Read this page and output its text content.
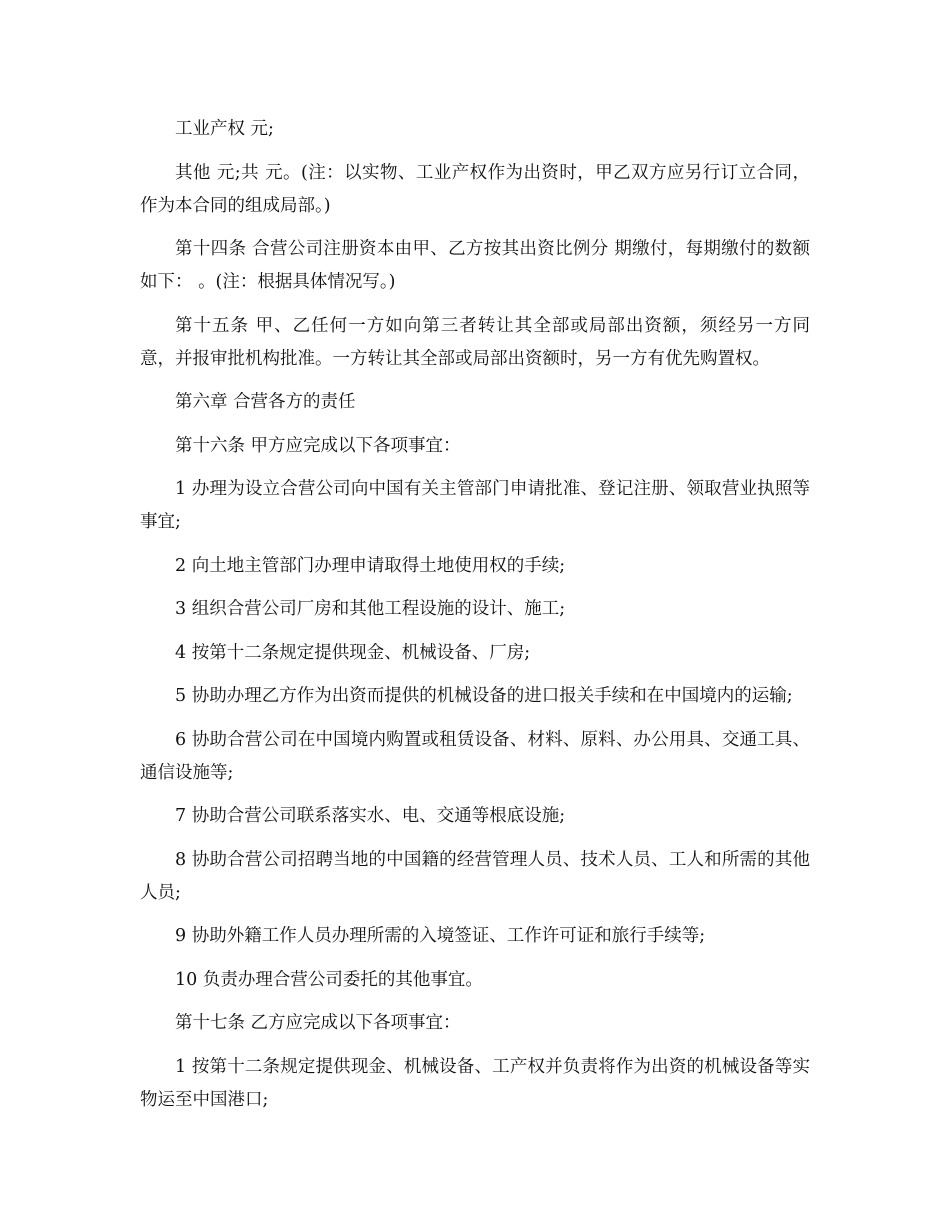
工业产权 元;

其他 元;共 元。(注：以实物、工业产权作为出资时，甲乙双方应另行订立合同，作为本合同的组成局部。)

第十四条 合营公司注册资本由甲、乙方按其出资比例分 期缴付，每期缴付的数额如下： 。(注：根据具体情况写。)

第十五条 甲、乙任何一方如向第三者转让其全部或局部出资额，须经另一方同意，并报审批机构批准。一方转让其全部或局部出资额时，另一方有优先购置权。

第六章 合营各方的责任

第十六条 甲方应完成以下各项事宜：

1 办理为设立合营公司向中国有关主管部门申请批准、登记注册、领取营业执照等事宜;

2 向土地主管部门办理申请取得土地使用权的手续;

3 组织合营公司厂房和其他工程设施的设计、施工;

4 按第十二条规定提供现金、机械设备、厂房;

5 协助办理乙方作为出资而提供的机械设备的进口报关手续和在中国境内的运输;

6 协助合营公司在中国境内购置或租赁设备、材料、原料、办公用具、交通工具、通信设施等;

7 协助合营公司联系落实水、电、交通等根底设施;

8 协助合营公司招聘当地的中国籍的经营管理人员、技术人员、工人和所需的其他人员;

9 协助外籍工作人员办理所需的入境签证、工作许可证和旅行手续等;

10 负责办理合营公司委托的其他事宜。

第十七条 乙方应完成以下各项事宜：

1 按第十二条规定提供现金、机械设备、工产权并负责将作为出资的机械设备等实物运至中国港口;
